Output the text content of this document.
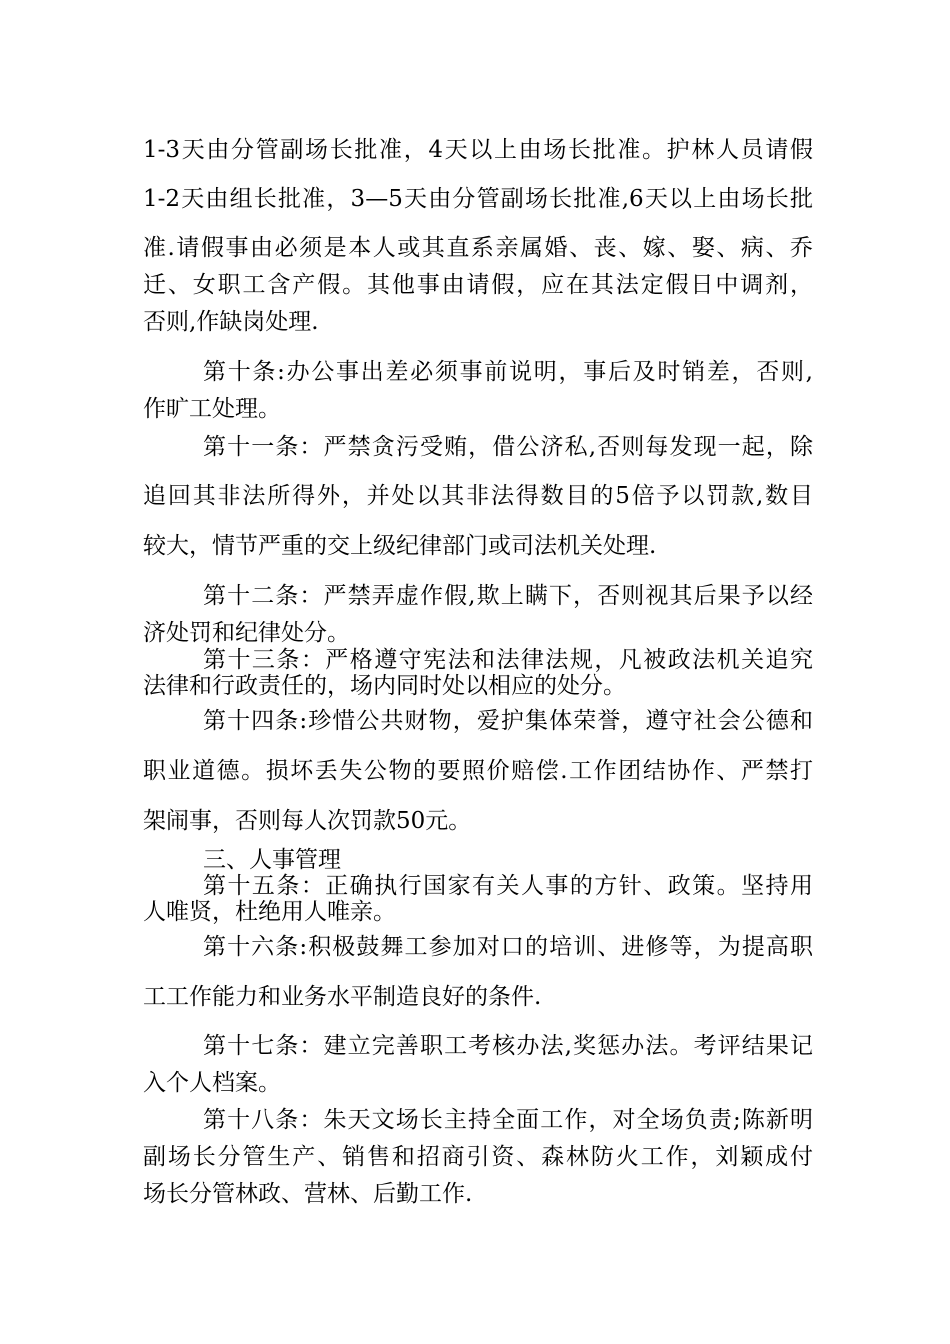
1-3天由分管副场长批准，4天以上由场长批准。护林人员请假
1-2天由组长批准，3—5天由分管副场长批准,6天以上由场长批
准.请假事由必须是本人或其直系亲属婚、丧、嫁、娶、病、乔
迁、女职工含产假。其他事由请假，应在其法定假日中调剂，
否则,作缺岗处理.
第十条:办公事出差必须事前说明，事后及时销差，否则,
作旷工处理。
第十一条：严禁贪污受贿，借公济私,否则每发现一起，除
追回其非法所得外，并处以其非法得数目的5倍予以罚款,数目
较大，情节严重的交上级纪律部门或司法机关处理.
第十二条：严禁弄虚作假,欺上瞒下，否则视其后果予以经
济处罚和纪律处分。
第十三条：严格遵守宪法和法律法规，凡被政法机关追究
法律和行政责任的，场内同时处以相应的处分。
第十四条:珍惜公共财物，爱护集体荣誉，遵守社会公德和
职业道德。损坏丢失公物的要照价赔偿.工作团结协作、严禁打
架闹事，否则每人次罚款50元。
三、人事管理
第十五条：正确执行国家有关人事的方针、政策。坚持用
人唯贤，杜绝用人唯亲。
第十六条:积极鼓舞工参加对口的培训、进修等，为提高职
工工作能力和业务水平制造良好的条件.
第十七条：建立完善职工考核办法,奖惩办法。考评结果记
入个人档案。
第十八条：朱天文场长主持全面工作，对全场负责;陈新明
副场长分管生产、销售和招商引资、森林防火工作，刘颖成付
场长分管林政、营林、后勤工作.
